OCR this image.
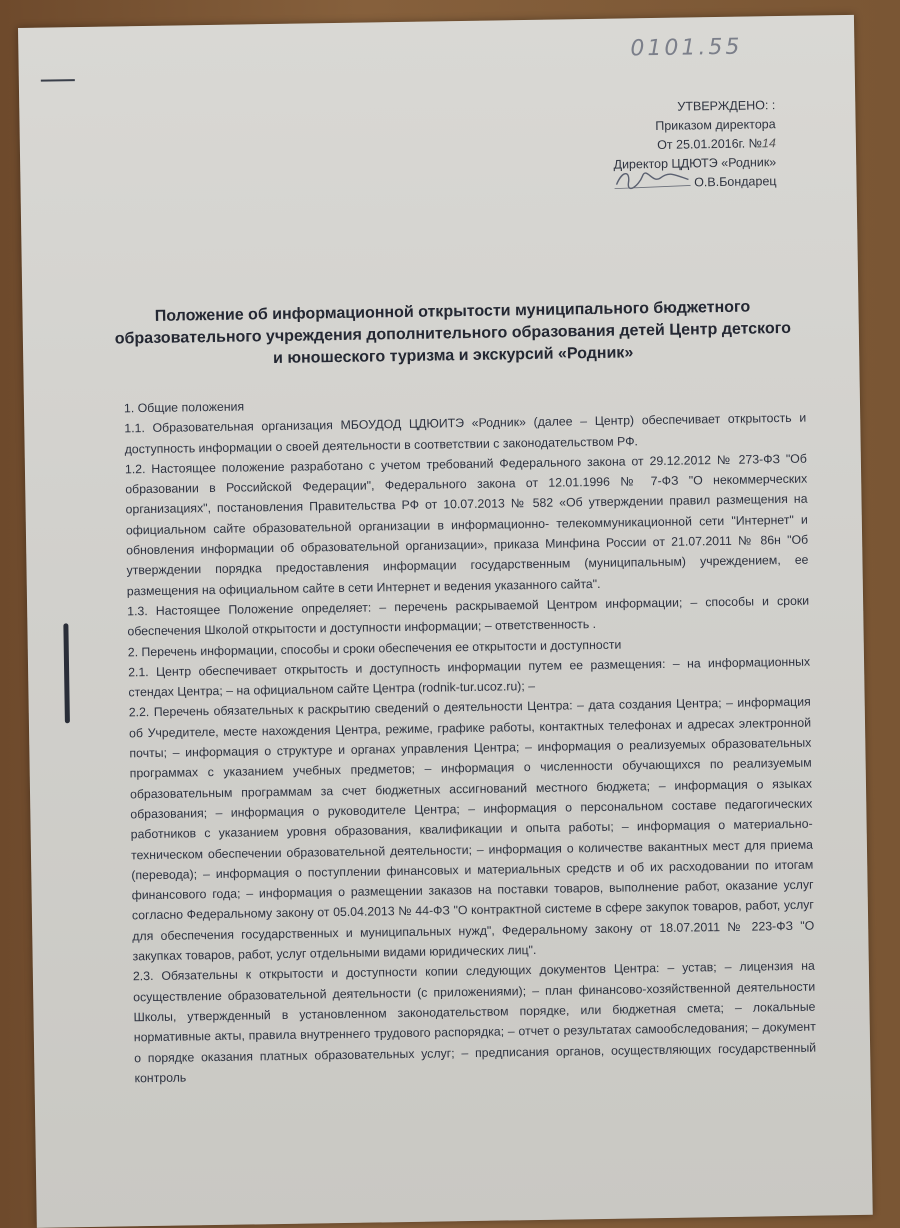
0101.55
УТВЕРЖДЕНО: :
Приказом директора
От 25.01.2016г. №14
Директор ЦДЮТЭ «Родник»
О.В.Бондарец
Положение об информационной открытости муниципального бюджетного образовательного учреждения дополнительного образования детей Центр детского и юношеского туризма и экскурсий «Родник»

1. Общие положения

1.1. Образовательная организация МБОУДОД ЦДЮИТЭ «Родник» (далее – Центр) обеспечивает открытость и доступность информации о своей деятельности в соответствии с законодательством РФ.

1.2. Настоящее положение разработано с учетом требований Федерального закона от 29.12.2012 № 273-ФЗ "Об образовании в Российской Федерации", Федерального закона от 12.01.1996 № 7-ФЗ "О некоммерческих организациях", постановления Правительства РФ от 10.07.2013 № 582 «Об утверждении правил размещения на официальном сайте образовательной организации в информационно- телекоммуникационной сети "Интернет" и обновления информации об образовательной организации», приказа Минфина России от 21.07.2011 № 86н "Об утверждении порядка предоставления информации государственным (муниципальным) учреждением, ее размещения на официальном сайте в сети Интернет и ведения указанного сайта".

1.3. Настоящее Положение определяет: – перечень раскрываемой Центром информации; – способы и сроки обеспечения Школой открытости и доступности информации; – ответственность .

2. Перечень информации, способы и сроки обеспечения ее открытости и доступности

2.1. Центр обеспечивает открытость и доступность информации путем ее размещения: – на информационных стендах Центра; – на официальном сайте Центра (rodnik-tur.ucoz.ru); –

2.2. Перечень обязательных к раскрытию сведений о деятельности Центра: – дата создания Центра; – информация об Учредителе, месте нахождения Центра, режиме, графике работы, контактных телефонах и адресах электронной почты; – информация о структуре и органах управления Центра; – информация о реализуемых образовательных программах с указанием учебных предметов; – информация о численности обучающихся по реализуемым образовательным программам за счет бюджетных ассигнований местного бюджета; – информация о языках образования; – информация о руководителе Центра; – информация о персональном составе педагогических работников с указанием уровня образования, квалификации и опыта работы; – информация о материально-техническом обеспечении образовательной деятельности; – информация о количестве вакантных мест для приема (перевода); – информация о поступлении финансовых и материальных средств и об их расходовании по итогам финансового года; – информация о размещении заказов на поставки товаров, выполнение работ, оказание услуг согласно Федеральному закону от 05.04.2013 № 44-ФЗ "О контрактной системе в сфере закупок товаров, работ, услуг для обеспечения государственных и муниципальных нужд", Федеральному закону от 18.07.2011 № 223-ФЗ "О закупках товаров, работ, услуг отдельными видами юридических лиц".

2.3. Обязательны к открытости и доступности копии следующих документов Центра: – устав; – лицензия на осуществление образовательной деятельности (с приложениями); – план финансово-хозяйственной деятельности Школы, утвержденный в установленном законодательством порядке, или бюджетная смета; – локальные нормативные акты, правила внутреннего трудового распорядка; – отчет о результатах самообследования; – документ о порядке оказания платных образовательных услуг; – предписания органов, осуществляющих государственный контроль
